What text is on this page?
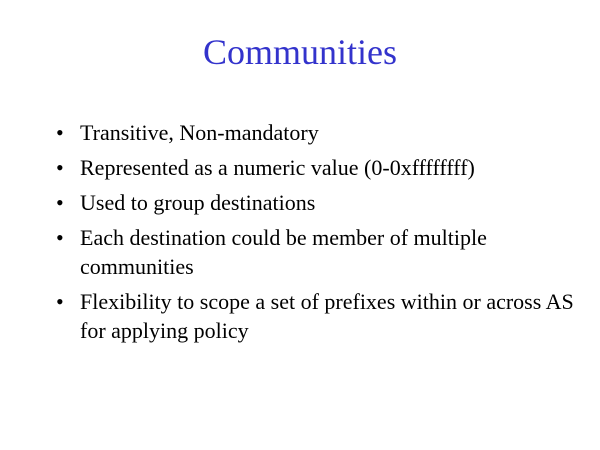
Communities
• Transitive, Non-mandatory
• Represented as a numeric value (0-0xffffffff)
• Used to group destinations
• Each destination could be member of multiple communities
• Flexibility to scope a set of prefixes within or across AS for applying policy
